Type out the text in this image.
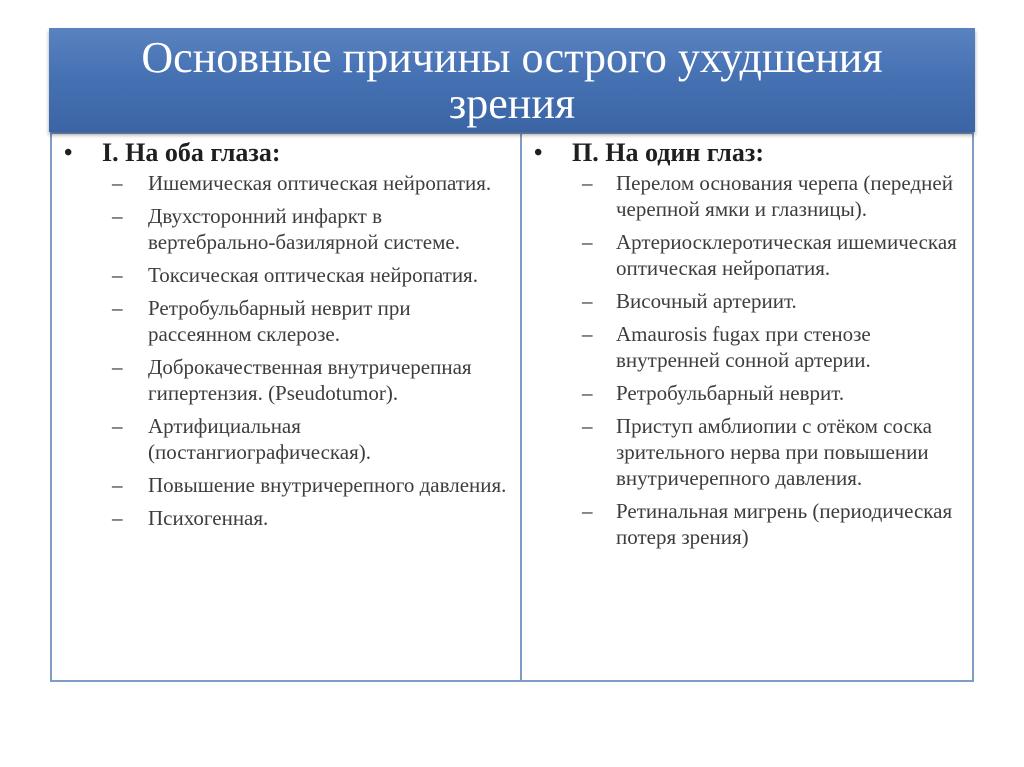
Основные причины острого ухудшения зрения
• I. На оба глаза:
– Ишемическая оптическая нейропатия.
– Двухсторонний инфаркт в вертебрально-базилярной системе.
– Токсическая оптическая нейропатия.
– Ретробульбарный неврит при рассеянном склерозе.
– Доброкачественная внутричерепная гипертензия. (Pseudotumor).
– Артифициальная (постангиографическая).
– Повышение внутричерепного давления.
– Психогенная.
• П. На один глаз:
– Перелом основания черепа (передней черепной ямки и глазницы).
– Артериосклеротическая ишемическая оптическая нейропатия.
– Височный артериит.
– Amaurosis fugax при стенозе внутренней сонной артерии.
– Ретробульбарный неврит.
– Приступ амблиопии с отёком соска зрительного нерва при повышении внутричерепного давления.
– Ретинальная мигрень (периодическая потеря зрения)
